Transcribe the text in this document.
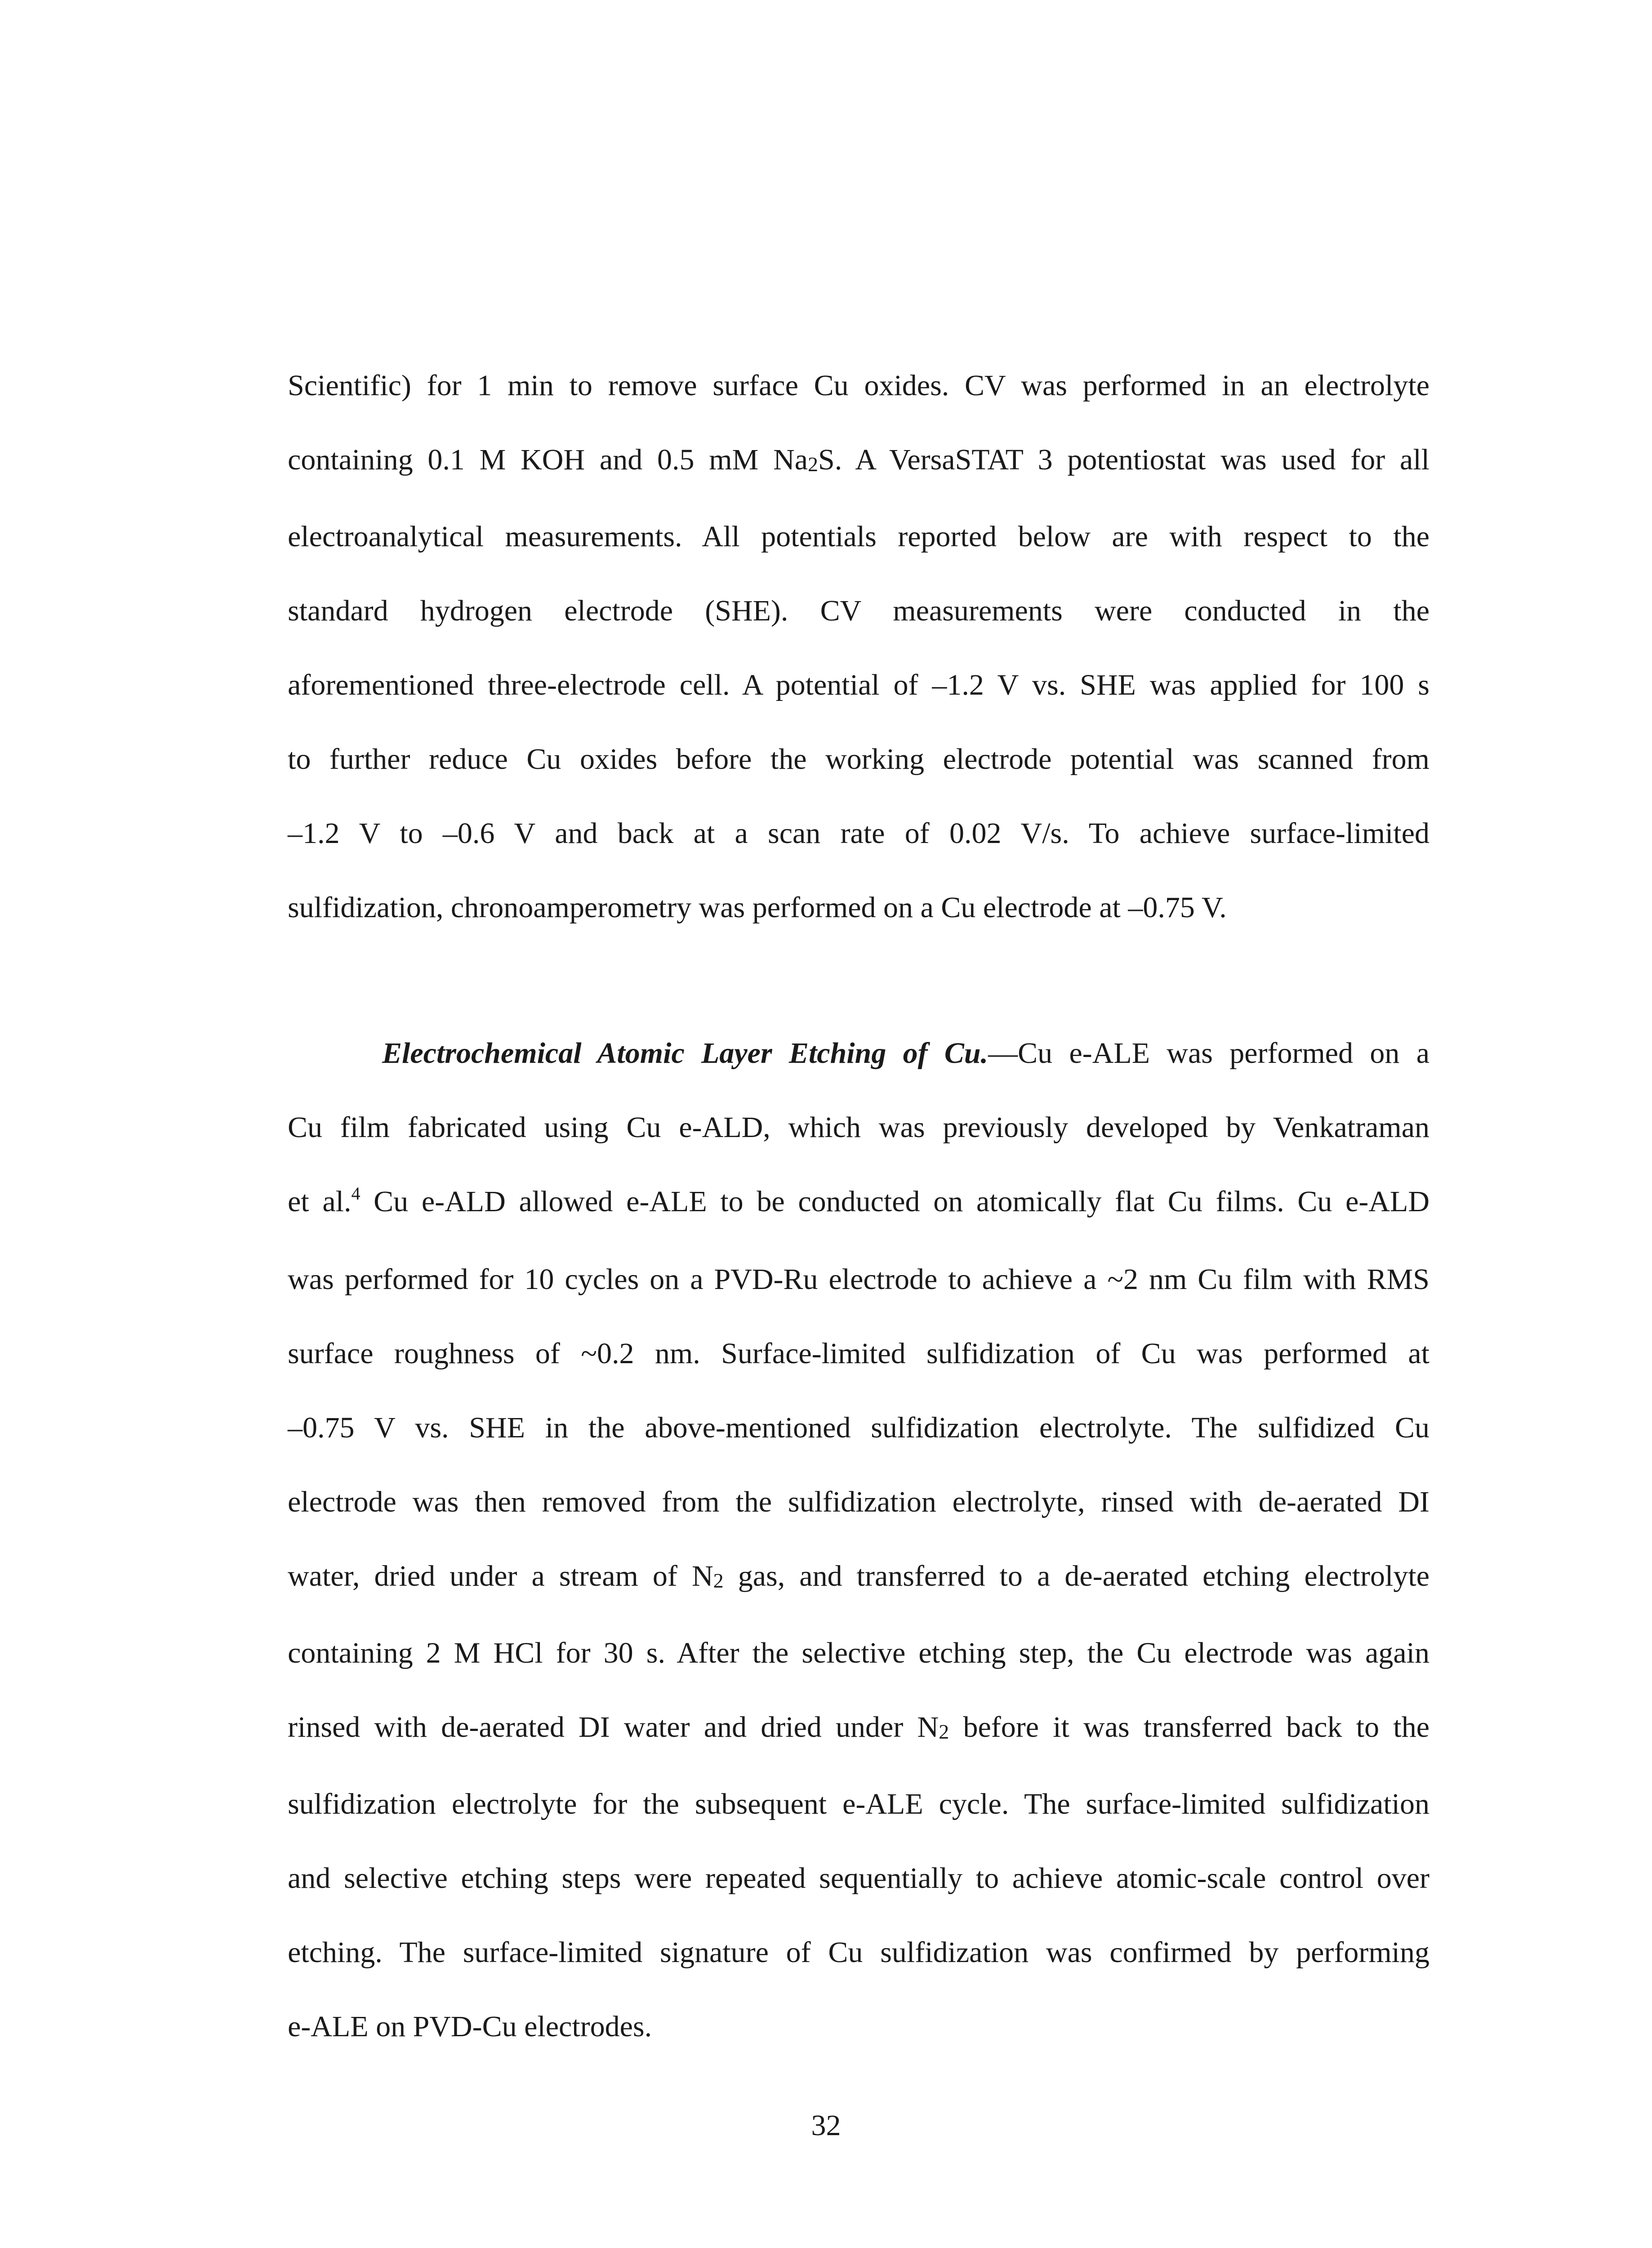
Scientific) for 1 min to remove surface Cu oxides. CV was performed in an electrolyte
containing 0.1 M KOH and 0.5 mM $Na_2S$. A VersaSTAT 3 potentiostat was used for all
electroanalytical measurements. All potentials reported below are with respect to the
standard hydrogen electrode (SHE). CV measurements were conducted in the
aforementioned three-electrode cell. A potential of –1.2 V vs. SHE was applied for 100 s
to further reduce Cu oxides before the working electrode potential was scanned from
–1.2 V to –0.6 V and back at a scan rate of 0.02 V/s. To achieve surface-limited
sulfidization, chronoamperometry was performed on a Cu electrode at –0.75 V.
Electrochemical Atomic Layer Etching of Cu.—Cu e-ALE was performed on a
Cu film fabricated using Cu e-ALD, which was previously developed by Venkatraman
et al.$^4$ Cu e-ALD allowed e-ALE to be conducted on atomically flat Cu films. Cu e-ALD
was performed for 10 cycles on a PVD-Ru electrode to achieve a ~2 nm Cu film with RMS
surface roughness of ~0.2 nm. Surface-limited sulfidization of Cu was performed at
–0.75 V vs. SHE in the above-mentioned sulfidization electrolyte. The sulfidized Cu
electrode was then removed from the sulfidization electrolyte, rinsed with de-aerated DI
water, dried under a stream of $N_2$ gas, and transferred to a de-aerated etching electrolyte
containing 2 M HCl for 30 s. After the selective etching step, the Cu electrode was again
rinsed with de-aerated DI water and dried under $N_2$ before it was transferred back to the
sulfidization electrolyte for the subsequent e-ALE cycle. The surface-limited sulfidization
and selective etching steps were repeated sequentially to achieve atomic-scale control over
etching. The surface-limited signature of Cu sulfidization was confirmed by performing
e-ALE on PVD-Cu electrodes.
32
